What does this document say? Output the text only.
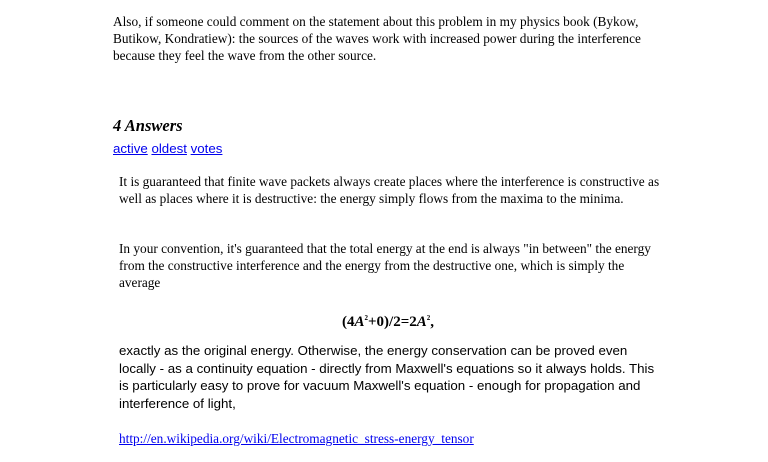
Also, if someone could comment on the statement about this problem in my physics book (Bykow, Butikow, Kondratiew): the sources of the waves work with increased power during the interference because they feel the wave from the other source.

4 Answers
active oldest votes

It is guaranteed that finite wave packets always create places where the interference is constructive as well as places where it is destructive: the energy simply flows from the maxima to the minima.

In your convention, it's guaranteed that the total energy at the end is always "in between" the energy from the constructive interference and the energy from the destructive one, which is simply the average

$(4A^2+0)/2=2A^2$,

exactly as the original energy. Otherwise, the energy conservation can be proved even locally - as a continuity equation - directly from Maxwell's equations so it always holds. This is particularly easy to prove for vacuum Maxwell's equation - enough for propagation and interference of light,

http://en.wikipedia.org/wiki/Electromagnetic_stress-energy_tensor
